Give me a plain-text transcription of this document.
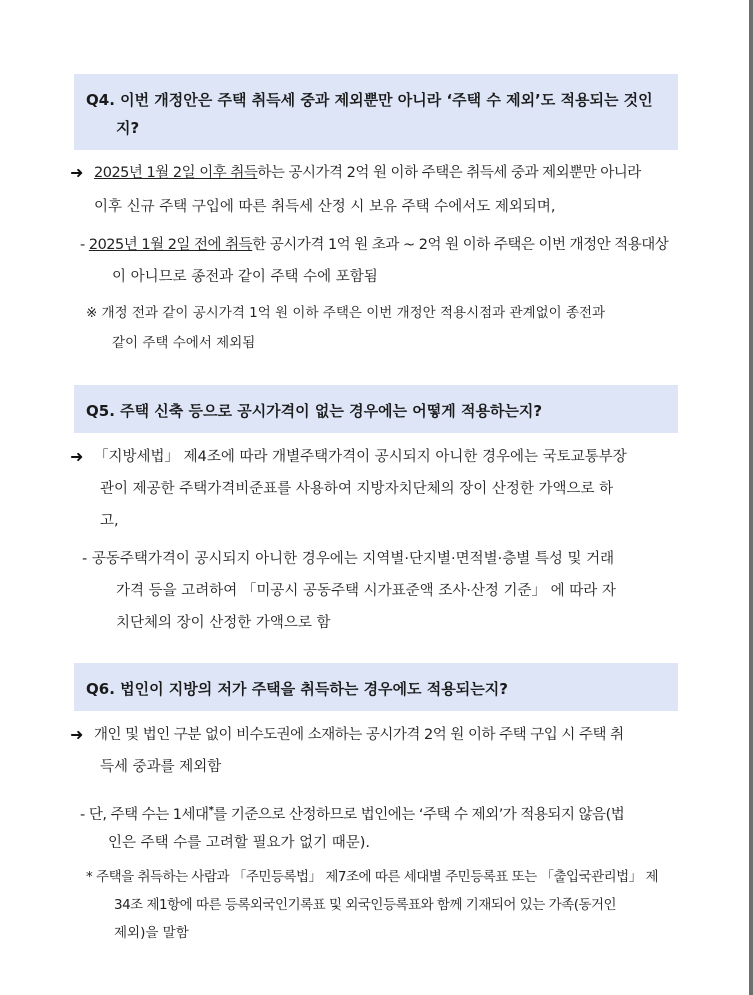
Q4. 이번 개정안은 주택 취득세 중과 제외뿐만 아니라 ‘주택 수 제외’도 적용되는 것인
지?
➜ 2025년 1월 2일 이후 취득하는 공시가격 2억 원 이하 주택은 취득세 중과 제외뿐만 아니라
이후 신규 주택 구입에 따른 취득세 산정 시 보유 주택 수에서도 제외되며,
- 2025년 1월 2일 전에 취득한 공시가격 1억 원 초과 ~ 2억 원 이하 주택은 이번 개정안 적용대상
이 아니므로 종전과 같이 주택 수에 포함됨
※ 개정 전과 같이 공시가격 1억 원 이하 주택은 이번 개정안 적용시점과 관계없이 종전과
같이 주택 수에서 제외됨
Q5. 주택 신축 등으로 공시가격이 없는 경우에는 어떻게 적용하는지?
➜ 「지방세법」 제4조에 따라 개별주택가격이 공시되지 아니한 경우에는 국토교통부장
관이 제공한 주택가격비준표를 사용하여 지방자치단체의 장이 산정한 가액으로 하
고,
- 공동주택가격이 공시되지 아니한 경우에는 지역별·단지별·면적별·층별 특성 및 거래
가격 등을 고려하여 「미공시 공동주택 시가표준액 조사·산정 기준」 에 따라 자
치단체의 장이 산정한 가액으로 함
Q6. 법인이 지방의 저가 주택을 취득하는 경우에도 적용되는지?
➜ 개인 및 법인 구분 없이 비수도권에 소재하는 공시가격 2억 원 이하 주택 구입 시 주택 취
득세 중과를 제외함
- 단, 주택 수는 1세대*를 기준으로 산정하므로 법인에는 ‘주택 수 제외’가 적용되지 않음(법
인은 주택 수를 고려할 필요가 없기 때문).
* 주택을 취득하는 사람과 「주민등록법」 제7조에 따른 세대별 주민등록표 또는 「출입국관리법」 제
34조 제1항에 따른 등록외국인기록표 및 외국인등록표와 함께 기재되어 있는 가족(동거인
제외)을 말함
